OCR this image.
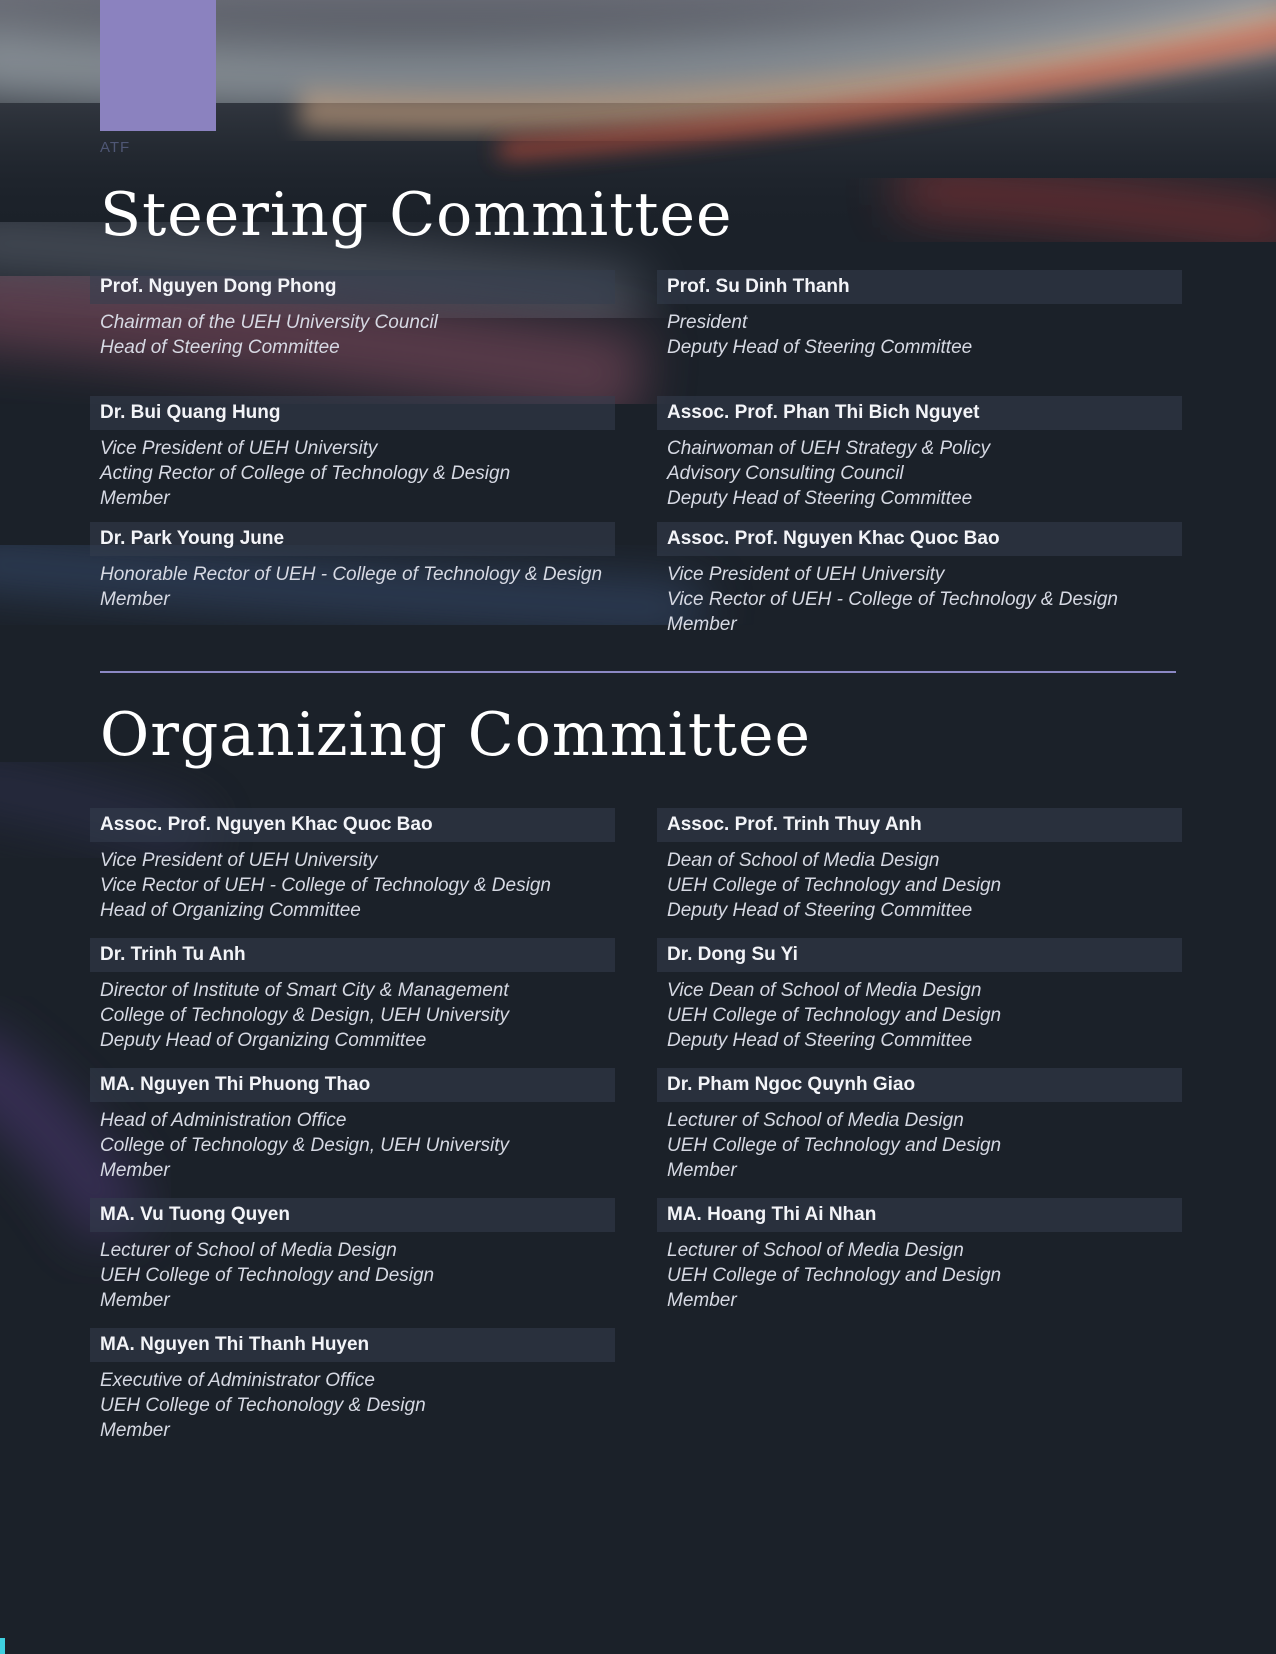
ATF
Steering Committee
Prof. Nguyen Dong Phong
Chairman of the UEH University Council
Head of Steering Committee
Prof. Su Dinh Thanh
President
Deputy Head of Steering Committee
Dr. Bui Quang Hung
Vice President of UEH University
Acting Rector of College of Technology & Design
Member
Assoc. Prof. Phan Thi Bich Nguyet
Chairwoman of UEH Strategy & Policy
Advisory Consulting Council
Deputy Head of Steering Committee
Dr. Park Young June
Honorable Rector of UEH - College of Technology & Design
Member
Assoc. Prof. Nguyen Khac Quoc Bao
Vice President of UEH University
Vice Rector of UEH - College of Technology & Design
Member
Organizing Committee
Assoc. Prof. Nguyen Khac Quoc Bao
Vice President of UEH University
Vice Rector of UEH - College of Technology & Design
Head of Organizing Committee
Assoc. Prof. Trinh Thuy Anh
Dean of School of Media Design
UEH College of Technology and Design
Deputy Head of Steering Committee
Dr. Trinh Tu Anh
Director of Institute of Smart City & Management
College of Technology & Design, UEH University
Deputy Head of Organizing Committee
Dr. Dong Su Yi
Vice Dean of School of Media Design
UEH College of Technology and Design
Deputy Head of Steering Committee
MA. Nguyen Thi Phuong Thao
Head of Administration Office
College of Technology & Design, UEH University
Member
Dr. Pham Ngoc Quynh Giao
Lecturer of School of Media Design
UEH College of Technology and Design
Member
MA. Vu Tuong Quyen
Lecturer of School of Media Design
UEH College of Technology and Design
Member
MA. Hoang Thi Ai Nhan
Lecturer of School of Media Design
UEH College of Technology and Design
Member
MA. Nguyen Thi Thanh Huyen
Executive of Administrator Office
UEH College of Techonology & Design
Member
